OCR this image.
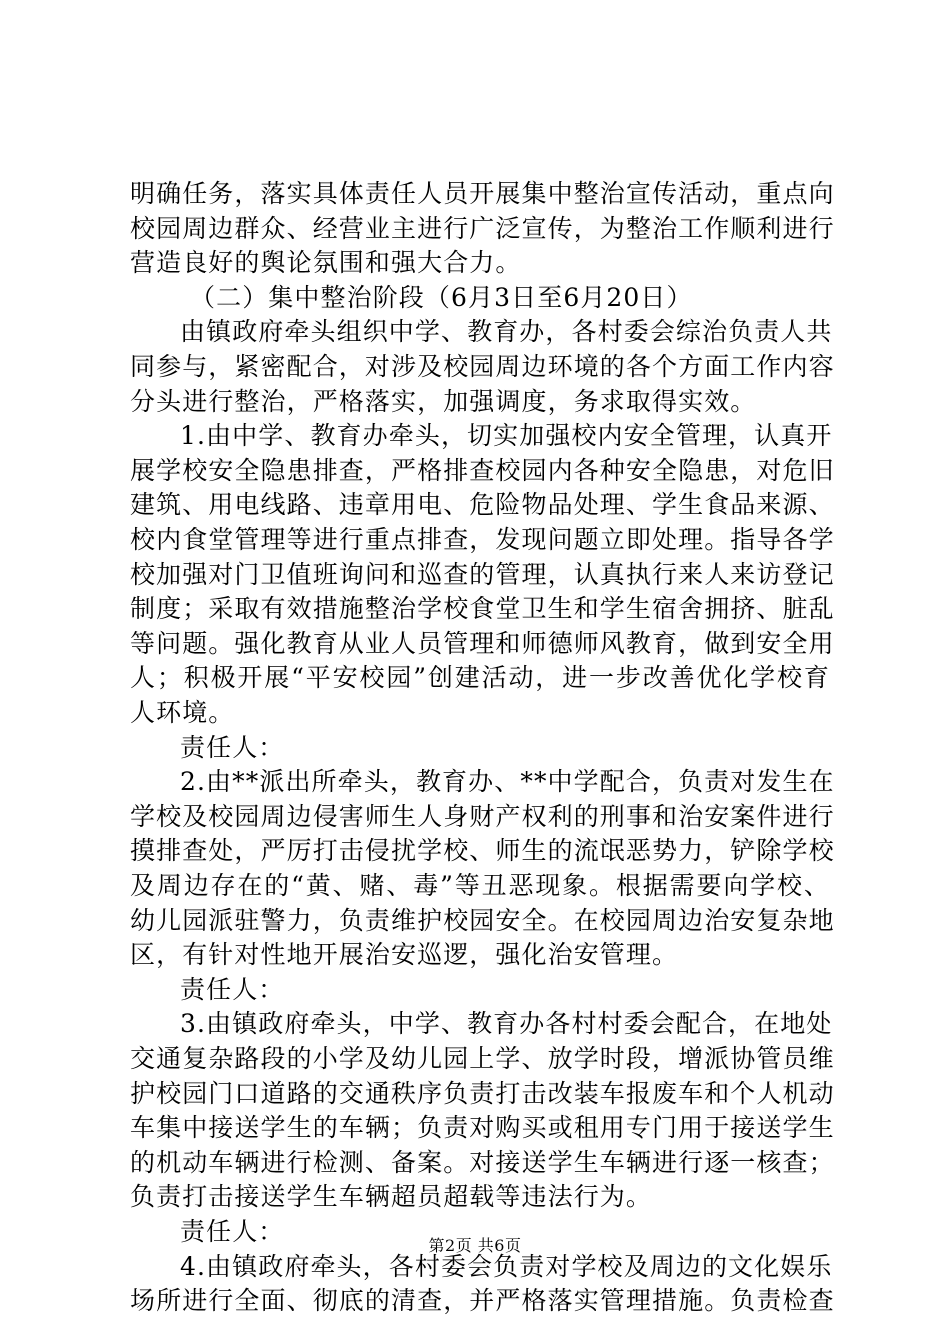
明确任务，落实具体责任人员开展集中整治宣传活动，重点向
校园周边群众、经营业主进行广泛宣传，为整治工作顺利进行
营造良好的舆论氛围和强大合力。
（二）集中整治阶段（6月3日至6月20日）
由镇政府牵头组织中学、教育办，各村委会综治负责人共
同参与，紧密配合，对涉及校园周边环境的各个方面工作内容
分头进行整治，严格落实，加强调度，务求取得实效。
1.由中学、教育办牵头，切实加强校内安全管理，认真开
展学校安全隐患排查，严格排查校园内各种安全隐患，对危旧
建筑、用电线路、违章用电、危险物品处理、学生食品来源、
校内食堂管理等进行重点排查，发现问题立即处理。指导各学
校加强对门卫值班询问和巡查的管理，认真执行来人来访登记
制度；采取有效措施整治学校食堂卫生和学生宿舍拥挤、脏乱
等问题。强化教育从业人员管理和师德师风教育，做到安全用
人；积极开展“平安校园”创建活动，进一步改善优化学校育
人环境。
责任人：
2.由**派出所牵头，教育办、**中学配合，负责对发生在
学校及校园周边侵害师生人身财产权利的刑事和治安案件进行
摸排查处，严厉打击侵扰学校、师生的流氓恶势力，铲除学校
及周边存在的“黄、赌、毒”等丑恶现象。根据需要向学校、
幼儿园派驻警力，负责维护校园安全。在校园周边治安复杂地
区，有针对性地开展治安巡逻，强化治安管理。
责任人：
3.由镇政府牵头，中学、教育办各村村委会配合，在地处
交通复杂路段的小学及幼儿园上学、放学时段，增派协管员维
护校园门口道路的交通秩序负责打击改装车报废车和个人机动
车集中接送学生的车辆；负责对购买或租用专门用于接送学生
的机动车辆进行检测、备案。对接送学生车辆进行逐一核查；
负责打击接送学生车辆超员超载等违法行为。
责任人：
4.由镇政府牵头，各村委会负责对学校及周边的文化娱乐
场所进行全面、彻底的清查，并严格落实管理措施。负责检查
第2页 共6页
